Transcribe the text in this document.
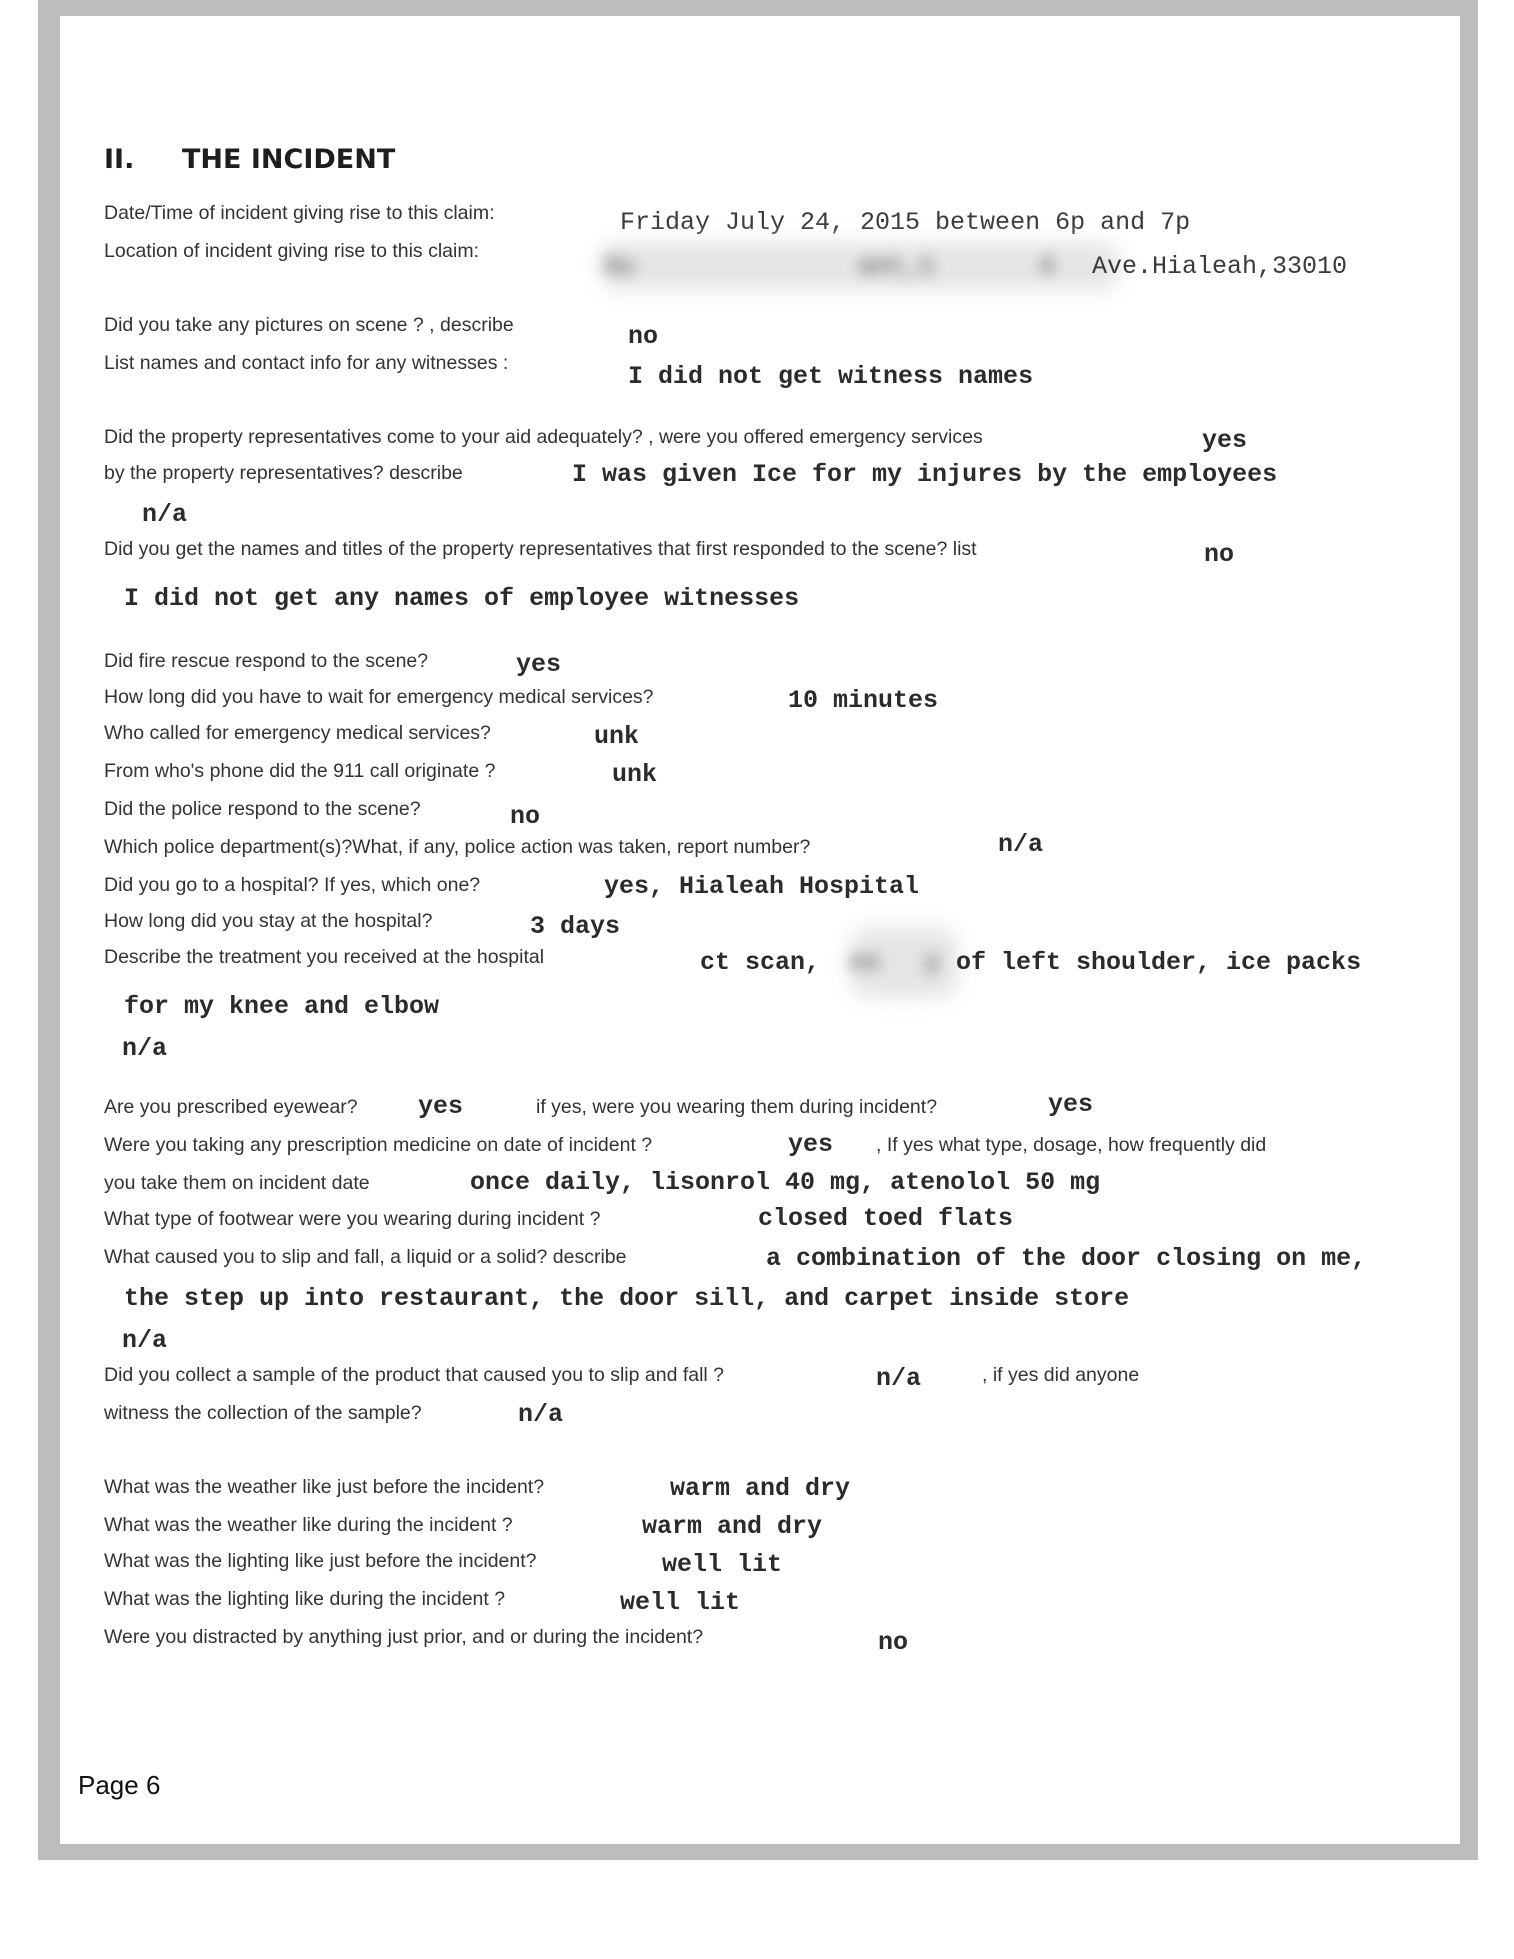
II. THE INCIDENT
Date/Time of incident giving rise to this claim:	Friday July 24, 2015 between 6p and 7p
Location of incident giving rise to this claim:
Su               ant,1       4 Ave.Hialeah,33010
Did you take any pictures on scene ? , describe	no
List names and contact info for any witnesses :	I did not get witness names
Did the property representatives come to your aid adequately? , were you offered emergency services	yes
by the property representatives? describe	I was given Ice for my injures by the employees
n/a
Did you get the names and titles of the property representatives that first responded to the scene? list	no
I did not get any names of employee witnesses
Did fire rescue respond to the scene?	yes
How long did you have to wait for emergency medical services?	10 minutes
Who called for emergency medical services?	unk
From who's phone did the 911 call originate ?	unk
Did the police respond to the scene?	no
Which police department(s)?What, if any, police action was taken, report number?	n/a
Did you go to a hospital? If yes, which one?	yes, Hialeah Hospital
How long did you stay at the hospital?	3 days
Describe the treatment you received at the hospital	ct scan, ex   y of left shoulder, ice packs
for my knee and elbow
n/a
Are you prescribed eyewear? yes	if yes, were you wearing them during incident?	yes
Were you taking any prescription medicine on date of incident ?	yes , If yes what type, dosage, how frequently did
you take them on incident date	once daily, lisonrol 40 mg, atenolol 50 mg
What type of footwear were you wearing during incident ?	closed toed flats
What caused you to slip and fall, a liquid or a solid? describe	a combination of the door closing on me,
the step up into restaurant, the door sill, and carpet inside store
n/a
Did you collect a sample of the product that caused you to slip and fall ?	n/a	, if yes did anyone
witness the collection of the sample?	n/a
What was the weather like just before the incident?	warm and dry
What was the weather like during the incident ?	warm and dry
What was the lighting like just before the incident?	well lit
What was the lighting like during the incident ?	well lit
Were you distracted by anything just prior, and or during the incident?	no
Page 6
